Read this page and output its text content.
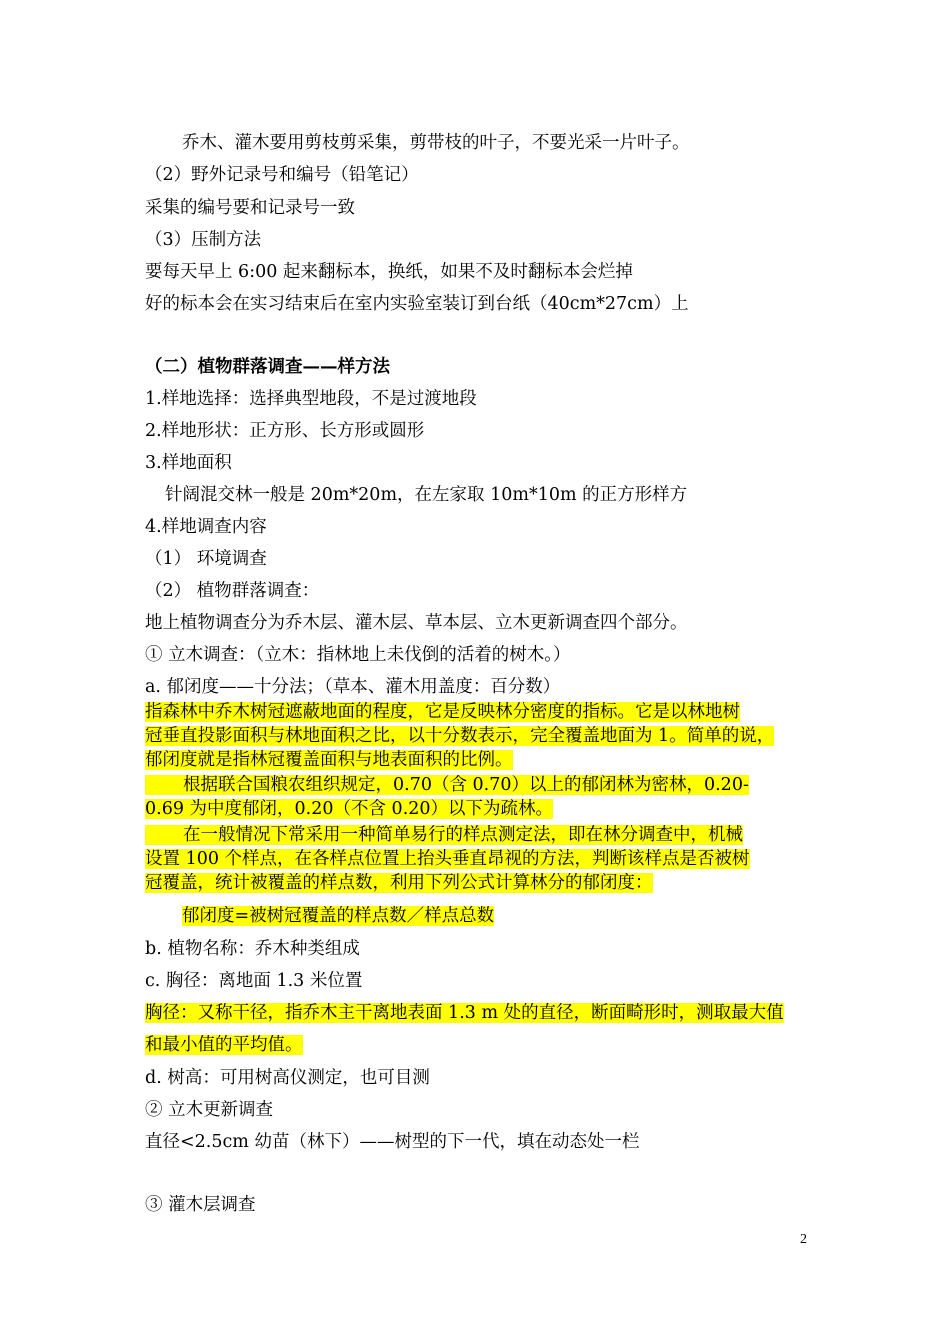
乔木、灌木要用剪枝剪采集，剪带枝的叶子，不要光采一片叶子。
（2）野外记录号和编号（铅笔记）
采集的编号要和记录号一致
（3）压制方法
要每天早上 6:00 起来翻标本，换纸，如果不及时翻标本会烂掉
好的标本会在实习结束后在室内实验室装订到台纸（40cm*27cm）上
（二）植物群落调查——样方法
1.样地选择：选择典型地段，不是过渡地段
2.样地形状：正方形、长方形或圆形
3.样地面积
针阔混交林一般是 20m*20m，在左家取 10m*10m 的正方形样方
4.样地调查内容
（1） 环境调查
（2） 植物群落调查：
地上植物调查分为乔木层、灌木层、草本层、立木更新调查四个部分。
① 立木调查：（立木：指林地上未伐倒的活着的树木。）
a. 郁闭度——十分法；（草本、灌木用盖度：百分数）
指森林中乔木树冠遮蔽地面的程度，它是反映林分密度的指标。它是以林地树
冠垂直投影面积与林地面积之比，以十分数表示，完全覆盖地面为 1。简单的说，
郁闭度就是指林冠覆盖面积与地表面积的比例。
根据联合国粮农组织规定，0.70（含 0.70）以上的郁闭林为密林，0.20-
0.69 为中度郁闭，0.20（不含 0.20）以下为疏林。
在一般情况下常采用一种简单易行的样点测定法，即在林分调查中，机械
设置 100 个样点，在各样点位置上抬头垂直昂视的方法，判断该样点是否被树
冠覆盖，统计被覆盖的样点数，利用下列公式计算林分的郁闭度：
郁闭度=被树冠覆盖的样点数／样点总数
b. 植物名称：乔木种类组成
c. 胸径：离地面 1.3 米位置
胸径：又称干径，指乔木主干离地表面 1.3 m 处的直径，断面畸形时，测取最大值
和最小值的平均值。
d. 树高：可用树高仪测定，也可目测
② 立木更新调查
直径<2.5cm 幼苗（林下）——树型的下一代，填在动态处一栏
③ 灌木层调查
2
